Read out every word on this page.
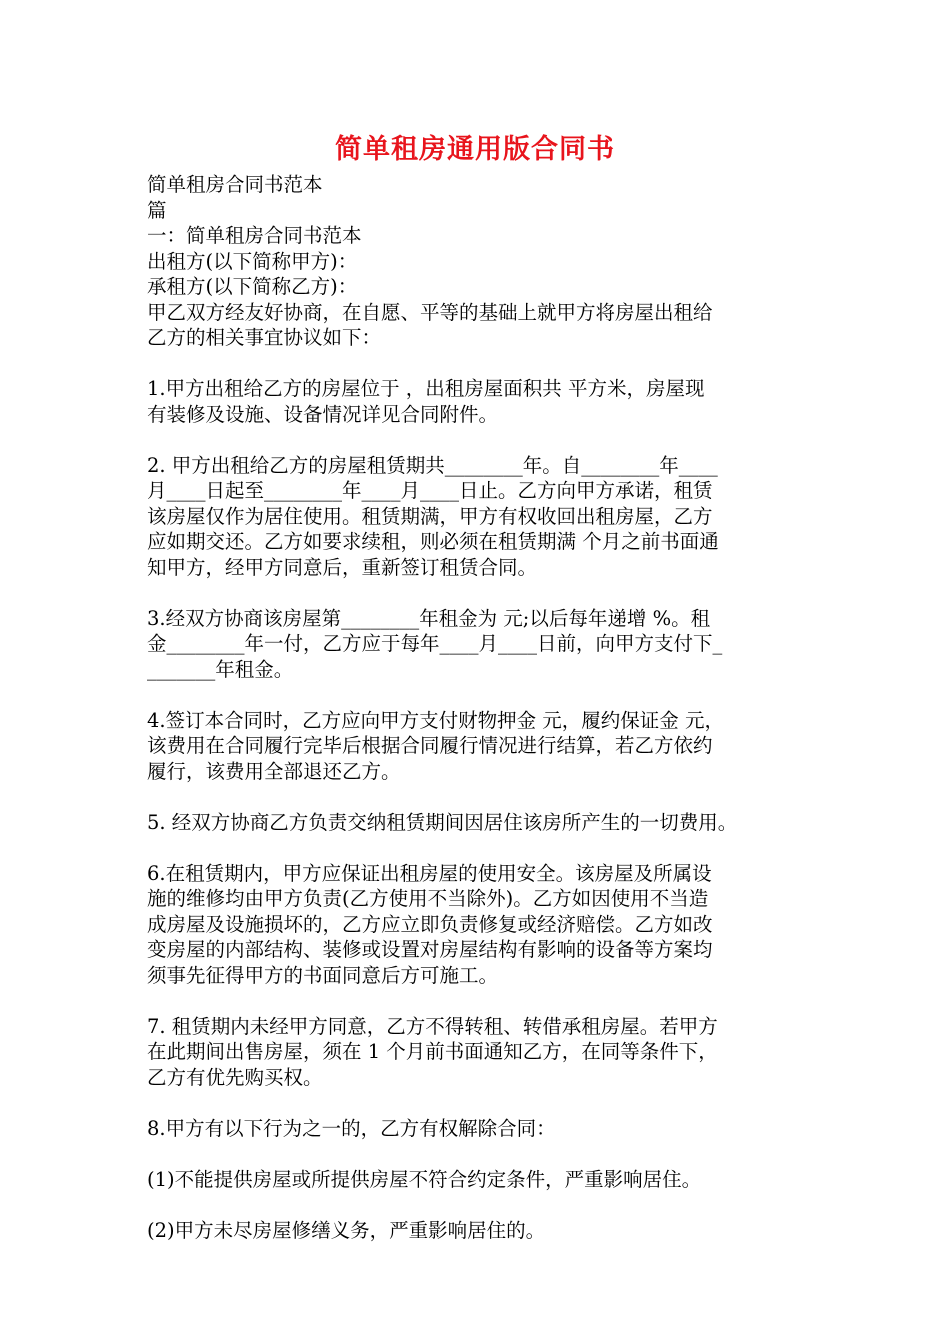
简单租房通用版合同书
简单租房合同书范本
篇
一：简单租房合同书范本
出租方(以下简称甲方)：
承租方(以下简称乙方)：
甲乙双方经友好协商，在自愿、平等的基础上就甲方将房屋出租给
乙方的相关事宜协议如下：
1.甲方出租给乙方的房屋位于 ，出租房屋面积共 平方米，房屋现
有装修及设施、设备情况详见合同附件。
2. 甲方出租给乙方的房屋租赁期共________年。自________年____
月____日起至________年____月____日止。乙方向甲方承诺，租赁
该房屋仅作为居住使用。租赁期满，甲方有权收回出租房屋，乙方
应如期交还。乙方如要求续租，则必须在租赁期满 个月之前书面通
知甲方，经甲方同意后，重新签订租赁合同。
3.经双方协商该房屋第________年租金为 元;以后每年递增 %。租
金________年一付，乙方应于每年____月____日前，向甲方支付下_
_______年租金。
4.签订本合同时，乙方应向甲方支付财物押金 元，履约保证金 元，
该费用在合同履行完毕后根据合同履行情况进行结算，若乙方依约
履行，该费用全部退还乙方。
5. 经双方协商乙方负责交纳租赁期间因居住该房所产生的一切费用。
6.在租赁期内，甲方应保证出租房屋的使用安全。该房屋及所属设
施的维修均由甲方负责(乙方使用不当除外)。乙方如因使用不当造
成房屋及设施损坏的，乙方应立即负责修复或经济赔偿。乙方如改
变房屋的内部结构、装修或设置对房屋结构有影响的设备等方案均
须事先征得甲方的书面同意后方可施工。
7. 租赁期内未经甲方同意，乙方不得转租、转借承租房屋。若甲方
在此期间出售房屋，须在 1 个月前书面通知乙方，在同等条件下，
乙方有优先购买权。
8.甲方有以下行为之一的，乙方有权解除合同：
(1)不能提供房屋或所提供房屋不符合约定条件，严重影响居住。
(2)甲方未尽房屋修缮义务，严重影响居住的。
